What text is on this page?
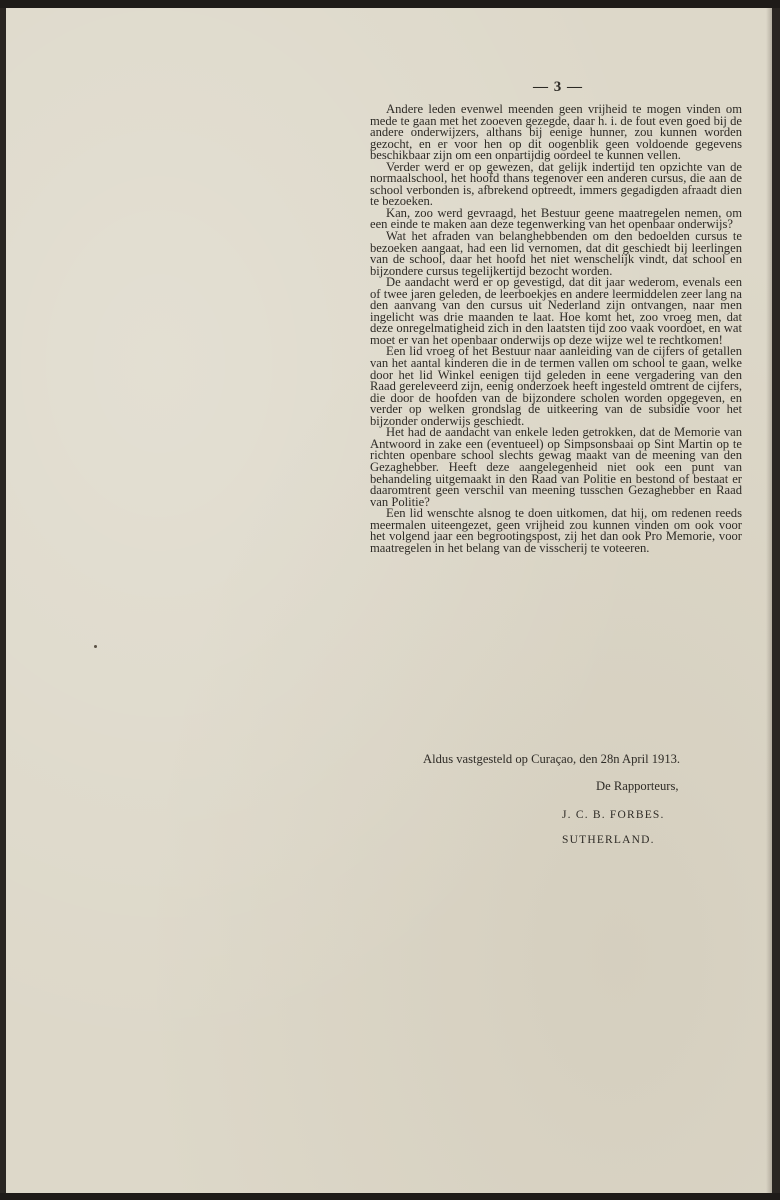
— 3 —

Andere leden evenwel meenden geen vrijheid te mogen vinden om mede te gaan met het zooeven gezegde, daar h. i. de fout even goed bij de andere onderwijzers, althans bij eenige hunner, zou kunnen worden gezocht, en er voor hen op dit oogenblik geen voldoende gegevens beschikbaar zijn om een onpartijdig oordeel te kunnen vellen.

Verder werd er op gewezen, dat gelijk indertijd ten opzichte van de normaalschool, het hoofd thans tegenover een anderen cursus, die aan de school verbonden is, afbrekend optreedt, immers gegadigden afraadt dien te bezoeken.

Kan, zoo werd gevraagd, het Bestuur geene maatregelen nemen, om een einde te maken aan deze tegenwerking van het openbaar onderwijs?

Wat het afraden van belanghebbenden om den bedoelden cursus te bezoeken aangaat, had een lid vernomen, dat dit geschiedt bij leerlingen van de school, daar het hoofd het niet wenschelijk vindt, dat school en bijzondere cursus tegelijkertijd bezocht worden.

De aandacht werd er op gevestigd, dat dit jaar wederom, evenals een of twee jaren geleden, de leerboekjes en andere leermiddelen zeer lang na den aanvang van den cursus uit Nederland zijn ontvangen, naar men ingelicht was drie maanden te laat. Hoe komt het, zoo vroeg men, dat deze onregelmatigheid zich in den laatsten tijd zoo vaak voordoet, en wat moet er van het openbaar onderwijs op deze wijze wel te rechtkomen!

Een lid vroeg of het Bestuur naar aanleiding van de cijfers of getallen van het aantal kinderen die in de termen vallen om school te gaan, welke door het lid Winkel eenigen tijd geleden in eene vergadering van den Raad gereleveerd zijn, eenig onderzoek heeft ingesteld omtrent de cijfers, die door de hoofden van de bijzondere scholen worden opgegeven, en verder op welken grondslag de uitkeering van de subsidie voor het bijzonder onderwijs geschiedt.

Het had de aandacht van enkele leden getrokken, dat de Memorie van Antwoord in zake een (eventueel) op Simpsonsbaai op Sint Martin op te richten openbare school slechts gewag maakt van de meening van den Gezaghebber. Heeft deze aangelegenheid niet ook een punt van behandeling uitgemaakt in den Raad van Politie en bestond of bestaat er daaromtrent geen verschil van meening tusschen Gezaghebber en Raad van Politie?

Een lid wenschte alsnog te doen uitkomen, dat hij, om redenen reeds meermalen uiteengezet, geen vrijheid zou kunnen vinden om ook voor het volgend jaar een begrootingspost, zij het dan ook Pro Memorie, voor maatregelen in het belang van de visscherij te voteeren.

Aldus vastgesteld op Curaçao, den 28n April 1913.
De Rapporteurs,
J. C. B. FORBES.
SUTHERLAND.
